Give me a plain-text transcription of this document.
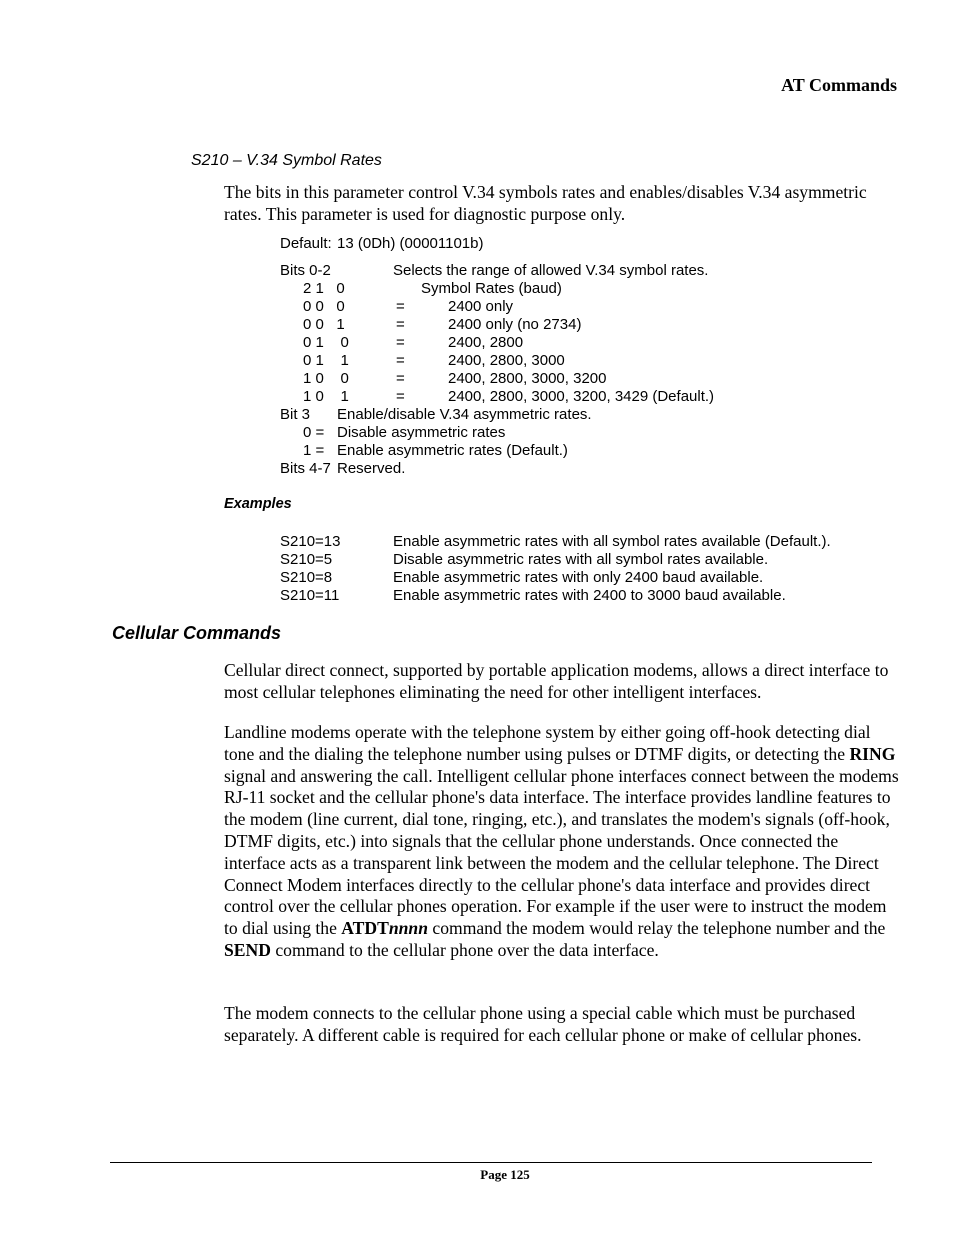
AT Commands
S210 – V.34 Symbol Rates
The bits in this parameter control V.34 symbols rates and enables/disables V.34 asymmetric rates. This parameter is used for diagnostic purpose only.
Default: 13 (0Dh) (00001101b)
Bits 0-2	Selects the range of allowed V.34 symbol rates.
2 1   0	Symbol Rates (baud)
0 0   0	=	2400 only
0 0   1	=	2400 only (no 2734)
0 1    0	=	2400, 2800
0 1    1	=	2400, 2800, 3000
1 0    0	=	2400, 2800, 3000, 3200
1 0    1	=	2400, 2800, 3000, 3200, 3429 (Default.)
Bit 3 Enable/disable V.34 asymmetric rates.
0 = Disable asymmetric rates
1 = Enable asymmetric rates (Default.)
Bits 4-7 Reserved.
Examples
S210=13	Enable asymmetric rates with all symbol rates available (Default.).
S210=5	Disable asymmetric rates with all symbol rates available.
S210=8	Enable asymmetric rates with only 2400 baud available.
S210=11	Enable asymmetric rates with 2400 to 3000 baud available.
Cellular Commands
Cellular direct connect, supported by portable application modems, allows a direct interface to most cellular telephones eliminating the need for other intelligent interfaces.
Landline modems operate with the telephone system by either going off-hook detecting dial tone and the dialing the telephone number using pulses or DTMF digits, or detecting the RING signal and answering the call. Intelligent cellular phone interfaces connect between the modems RJ-11 socket and the cellular phone's data interface. The interface provides landline features to the modem (line current, dial tone, ringing, etc.), and translates the modem's signals (off-hook, DTMF digits, etc.) into signals that the cellular phone understands. Once connected the interface acts as a transparent link between the modem and the cellular telephone. The Direct Connect Modem interfaces directly to the cellular phone's data interface and provides direct control over the cellular phones operation. For example if the user were to instruct the modem to dial using the ATDTnnnn command the modem would relay the telephone number and the SEND command to the cellular phone over the data interface.
The modem connects to the cellular phone using a special cable which must be purchased separately. A different cable is required for each cellular phone or make of cellular phones.
Page 125
